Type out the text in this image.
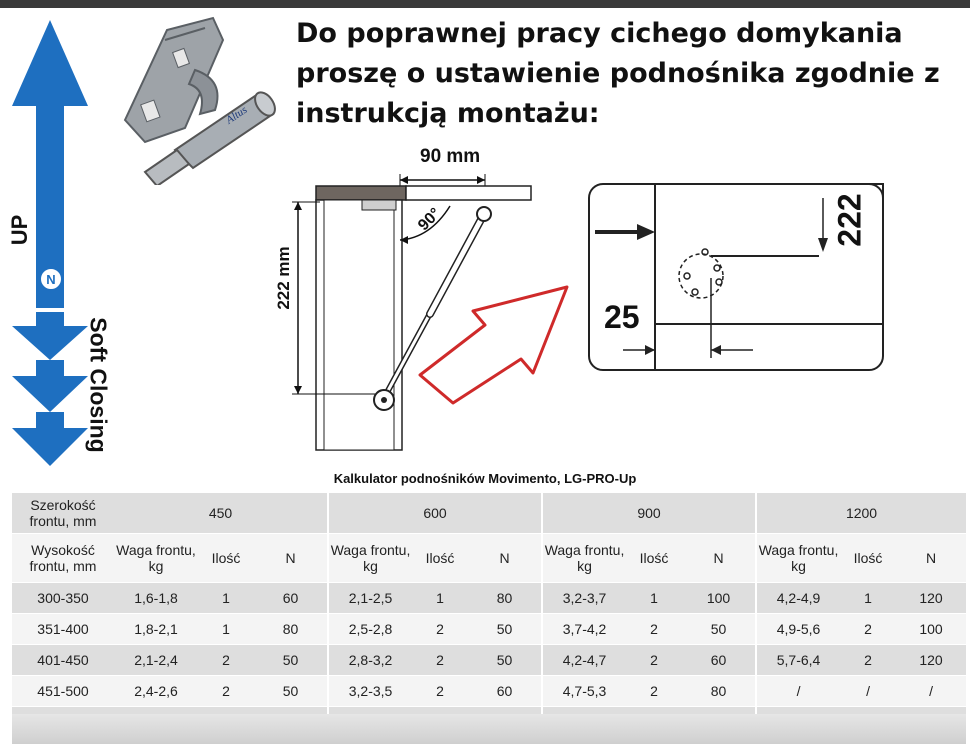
Do poprawnej pracy cichego domykania proszę o ustawienie podnośnika zgodnie z instrukcją montażu:
N
UP
Soft Closing
Altus
90 mm
222 mm
90°
25
222
Kalkulator podnośników Movimento, LG-PRO-Up
Szerokość frontu, mm	450			600			900			1200		
Wysokość frontu, mm	Waga frontu, kg	Ilość	N	Waga frontu, kg	Ilość	N	Waga frontu, kg	Ilość	N	Waga frontu, kg	Ilość	N
300-350	1,6-1,8	1	60	2,1-2,5	1	80	3,2-3,7	1	100	4,2-4,9	1	120
351-400	1,8-2,1	1	80	2,5-2,8	2	50	3,7-4,2	2	50	4,9-5,6	2	100
401-450	2,1-2,4	2	50	2,8-3,2	2	50	4,2-4,7	2	60	5,7-6,4	2	120
451-500	2,4-2,6	2	50	3,2-3,5	2	60	4,7-5,3	2	80	/	/	/
